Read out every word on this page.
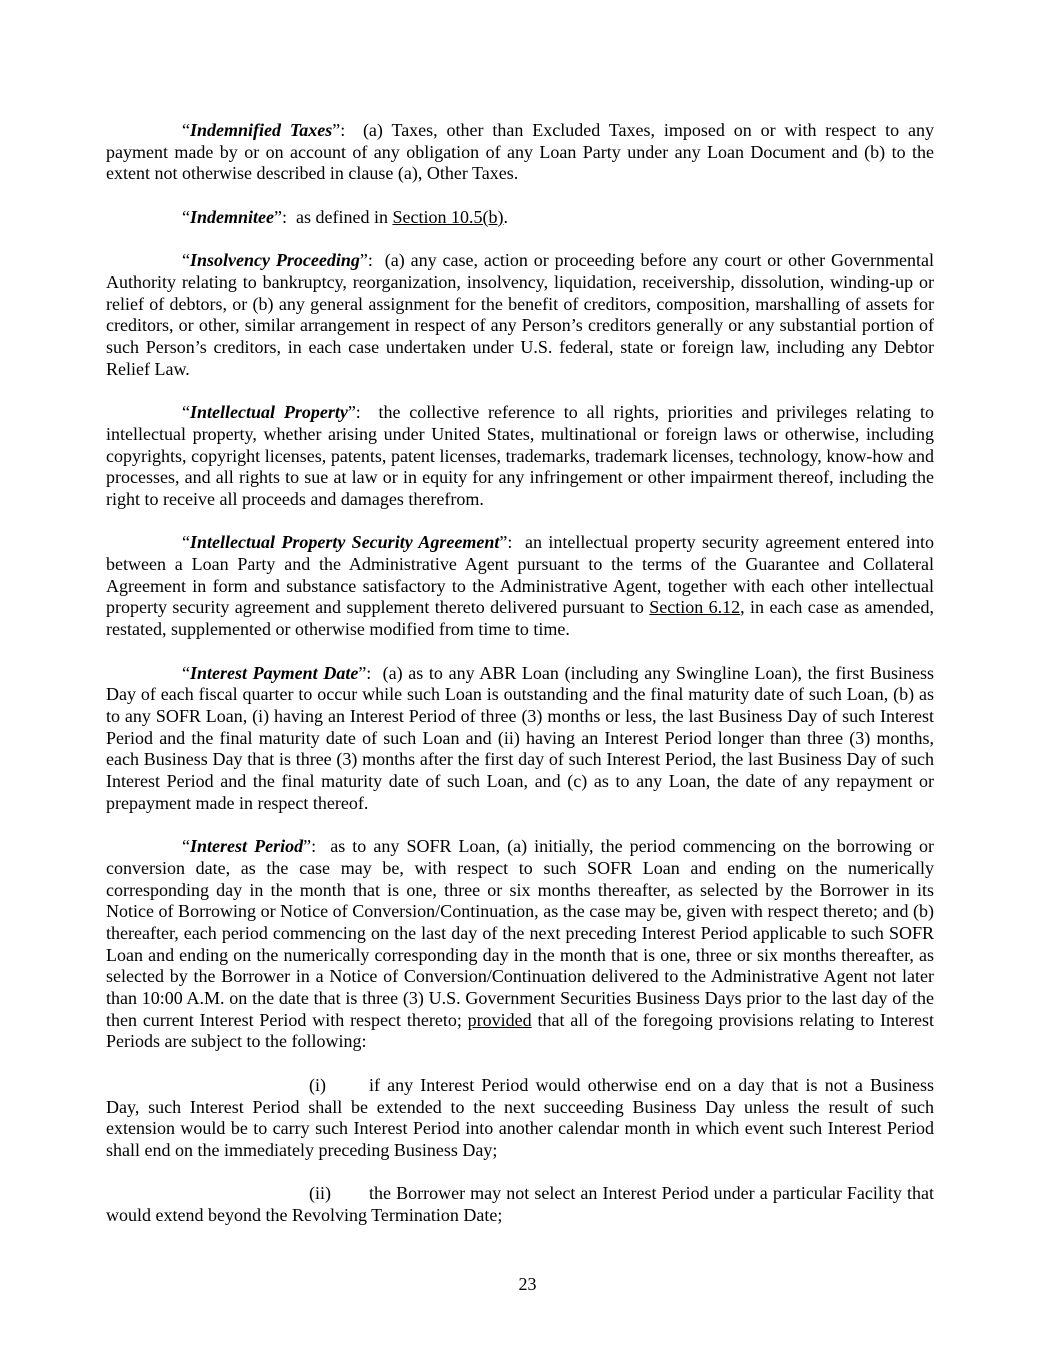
“Indemnified Taxes”:  (a) Taxes, other than Excluded Taxes, imposed on or with respect to any payment made by or on account of any obligation of any Loan Party under any Loan Document and (b) to the extent not otherwise described in clause (a), Other Taxes.

“Indemnitee”:  as defined in Section 10.5(b).

“Insolvency Proceeding”:  (a) any case, action or proceeding before any court or other Governmental Authority relating to bankruptcy, reorganization, insolvency, liquidation, receivership, dissolution, winding-up or relief of debtors, or (b) any general assignment for the benefit of creditors, composition, marshalling of assets for creditors, or other, similar arrangement in respect of any Person’s creditors generally or any substantial portion of such Person’s creditors, in each case undertaken under U.S. federal, state or foreign law, including any Debtor Relief Law.

“Intellectual Property”:  the collective reference to all rights, priorities and privileges relating to intellectual property, whether arising under United States, multinational or foreign laws or otherwise, including copyrights, copyright licenses, patents, patent licenses, trademarks, trademark licenses, technology, know-how and processes, and all rights to sue at law or in equity for any infringement or other impairment thereof, including the right to receive all proceeds and damages therefrom.

“Intellectual Property Security Agreement”:  an intellectual property security agreement entered into between a Loan Party and the Administrative Agent pursuant to the terms of the Guarantee and Collateral Agreement in form and substance satisfactory to the Administrative Agent, together with each other intellectual property security agreement and supplement thereto delivered pursuant to Section 6.12, in each case as amended, restated, supplemented or otherwise modified from time to time.

“Interest Payment Date”:  (a) as to any ABR Loan (including any Swingline Loan), the first Business Day of each fiscal quarter to occur while such Loan is outstanding and the final maturity date of such Loan, (b) as to any SOFR Loan, (i) having an Interest Period of three (3) months or less, the last Business Day of such Interest Period and the final maturity date of such Loan and (ii) having an Interest Period longer than three (3) months, each Business Day that is three (3) months after the first day of such Interest Period, the last Business Day of such Interest Period and the final maturity date of such Loan, and (c) as to any Loan, the date of any repayment or prepayment made in respect thereof.

“Interest Period”:  as to any SOFR Loan, (a) initially, the period commencing on the borrowing or conversion date, as the case may be, with respect to such SOFR Loan and ending on the numerically corresponding day in the month that is one, three or six months thereafter, as selected by the Borrower in its Notice of Borrowing or Notice of Conversion/Continuation, as the case may be, given with respect thereto; and (b) thereafter, each period commencing on the last day of the next preceding Interest Period applicable to such SOFR Loan and ending on the numerically corresponding day in the month that is one, three or six months thereafter, as selected by the Borrower in a Notice of Conversion/Continuation delivered to the Administrative Agent not later than 10:00 A.M. on the date that is three (3) U.S. Government Securities Business Days prior to the last day of the then current Interest Period with respect thereto; provided that all of the foregoing provisions relating to Interest Periods are subject to the following:

(i) if any Interest Period would otherwise end on a day that is not a Business Day, such Interest Period shall be extended to the next succeeding Business Day unless the result of such extension would be to carry such Interest Period into another calendar month in which event such Interest Period shall end on the immediately preceding Business Day;

(ii) the Borrower may not select an Interest Period under a particular Facility that would extend beyond the Revolving Termination Date;

23
